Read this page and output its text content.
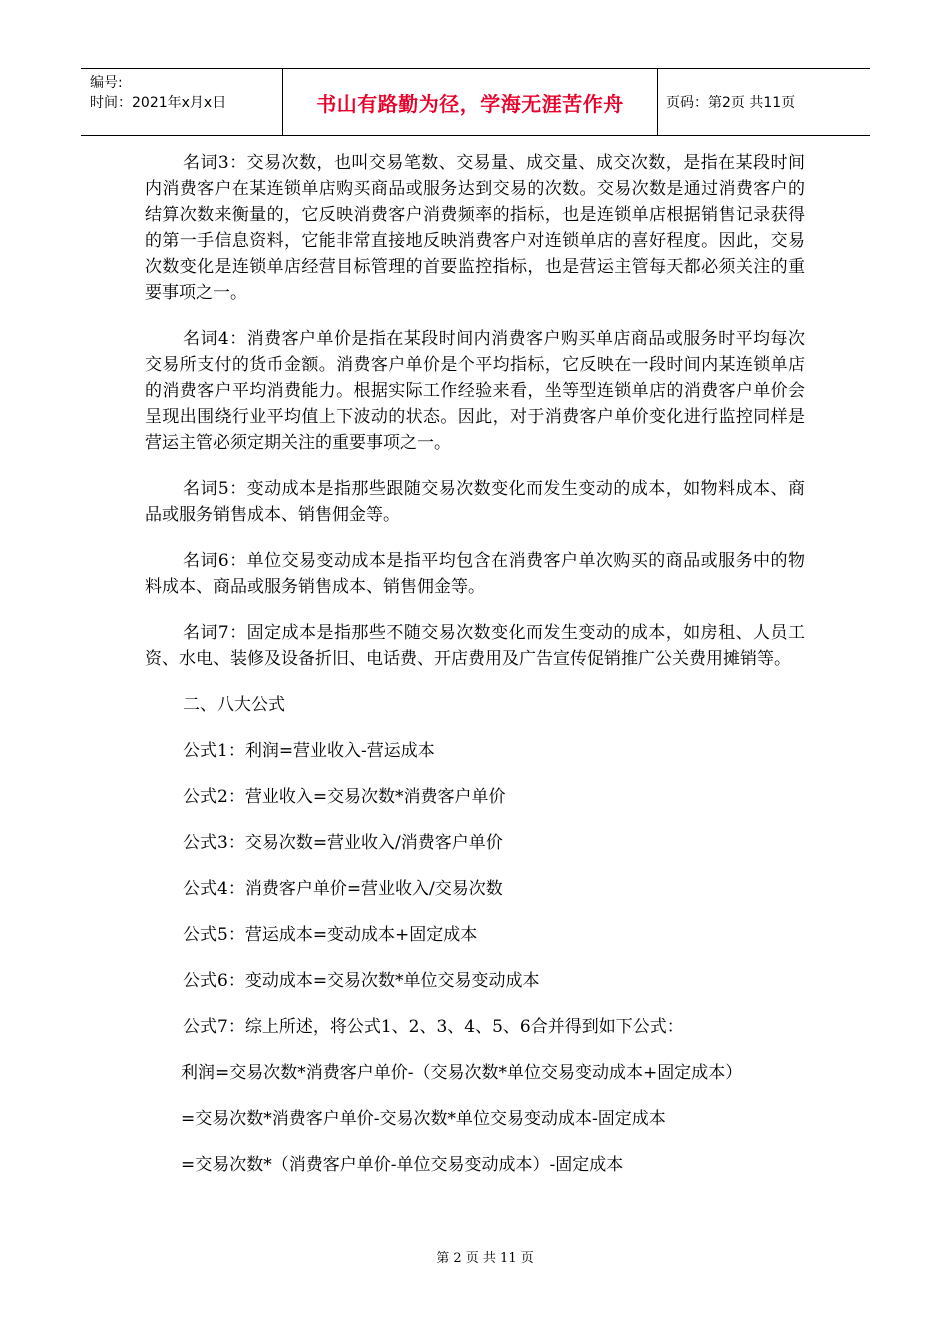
编号:
时间：2021年x月x日	书山有路勤为径，学海无涯苦作舟	页码：第2页 共11页

名词3：交易次数，也叫交易笔数、交易量、成交量、成交次数，是指在某段时间内消费客户在某连锁单店购买商品或服务达到交易的次数。交易次数是通过消费客户的结算次数来衡量的，它反映消费客户消费频率的指标，也是连锁单店根据销售记录获得的第一手信息资料，它能非常直接地反映消费客户对连锁单店的喜好程度。因此，交易次数变化是连锁单店经营目标管理的首要监控指标，也是营运主管每天都必须关注的重要事项之一。

名词4：消费客户单价是指在某段时间内消费客户购买单店商品或服务时平均每次交易所支付的货币金额。消费客户单价是个平均指标，它反映在一段时间内某连锁单店的消费客户平均消费能力。根据实际工作经验来看，坐等型连锁单店的消费客户单价会呈现出围绕行业平均值上下波动的状态。因此，对于消费客户单价变化进行监控同样是营运主管必须定期关注的重要事项之一。

名词5：变动成本是指那些跟随交易次数变化而发生变动的成本，如物料成本、商品或服务销售成本、销售佣金等。

名词6：单位交易变动成本是指平均包含在消费客户单次购买的商品或服务中的物料成本、商品或服务销售成本、销售佣金等。

名词7：固定成本是指那些不随交易次数变化而发生变动的成本，如房租、人员工资、水电、装修及设备折旧、电话费、开店费用及广告宣传促销推广公关费用摊销等。

二、八大公式
公式1：利润=营业收入-营运成本
公式2：营业收入=交易次数*消费客户单价
公式3：交易次数=营业收入/消费客户单价
公式4：消费客户单价=营业收入/交易次数
公式5：营运成本=变动成本+固定成本
公式6：变动成本=交易次数*单位交易变动成本
公式7：综上所述，将公式1、2、3、4、5、6合并得到如下公式：
利润=交易次数*消费客户单价-（交易次数*单位交易变动成本+固定成本）
=交易次数*消费客户单价-交易次数*单位交易变动成本-固定成本
=交易次数*（消费客户单价-单位交易变动成本）-固定成本
第 2 页 共 11 页
